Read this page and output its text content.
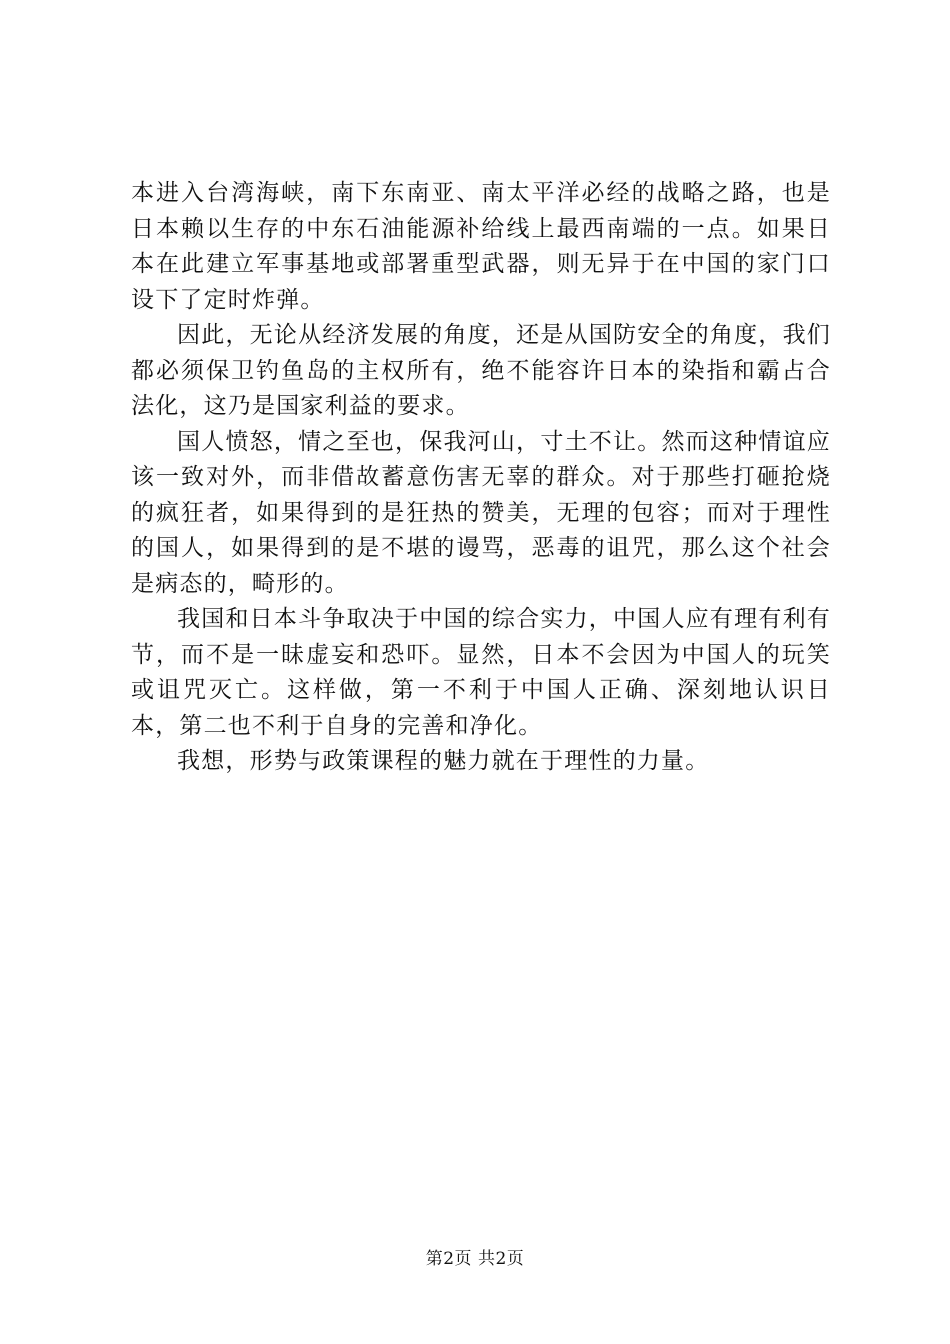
本进入台湾海峡，南下东南亚、南太平洋必经的战略之路，也是日本赖以生存的中东石油能源补给线上最西南端的一点。如果日本在此建立军事基地或部署重型武器，则无异于在中国的家门口设下了定时炸弹。

因此，无论从经济发展的角度，还是从国防安全的角度，我们都必须保卫钓鱼岛的主权所有，绝不能容许日本的染指和霸占合法化，这乃是国家利益的要求。

国人愤怒，情之至也，保我河山，寸土不让。然而这种情谊应该一致对外，而非借故蓄意伤害无辜的群众。对于那些打砸抢烧的疯狂者，如果得到的是狂热的赞美，无理的包容；而对于理性的国人，如果得到的是不堪的谩骂，恶毒的诅咒，那么这个社会是病态的，畸形的。

我国和日本斗争取决于中国的综合实力，中国人应有理有利有节，而不是一昧虚妄和恐吓。显然，日本不会因为中国人的玩笑或诅咒灭亡。这样做，第一不利于中国人正确、深刻地认识日本，第二也不利于自身的完善和净化。

我想，形势与政策课程的魅力就在于理性的力量。

第2页 共2页
